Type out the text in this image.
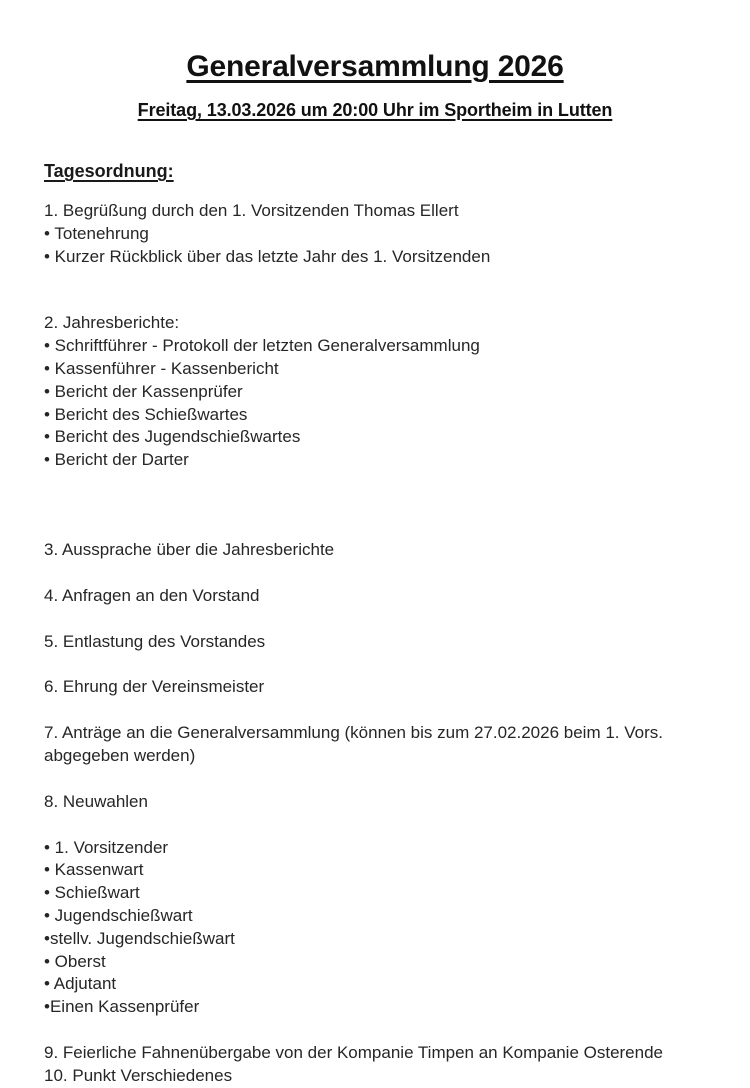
Generalversammlung 2026
Freitag, 13.03.2026 um 20:00 Uhr im Sportheim in Lutten
Tagesordnung:

1. Begrüßung durch den 1. Vorsitzenden Thomas Ellert

• Totenehrung

• Kurzer Rückblick über das letzte Jahr des 1. Vorsitzenden

2. Jahresberichte:

• Schriftführer - Protokoll der letzten Generalversammlung

• Kassenführer - Kassenbericht

• Bericht der Kassenprüfer

• Bericht des Schießwartes

• Bericht des Jugendschießwartes

• Bericht der Darter

3. Aussprache über die Jahresberichte

4. Anfragen an den Vorstand

5. Entlastung des Vorstandes

6. Ehrung der Vereinsmeister

7. Anträge an die Generalversammlung (können bis zum 27.02.2026 beim 1. Vors. abgegeben werden)

8. Neuwahlen

• 1. Vorsitzender

• Kassenwart

• Schießwart

• Jugendschießwart

•stellv. Jugendschießwart

• Oberst

• Adjutant

•Einen Kassenprüfer

9. Feierliche Fahnenübergabe von der Kompanie Timpen an Kompanie Osterende

10. Punkt Verschiedenes
